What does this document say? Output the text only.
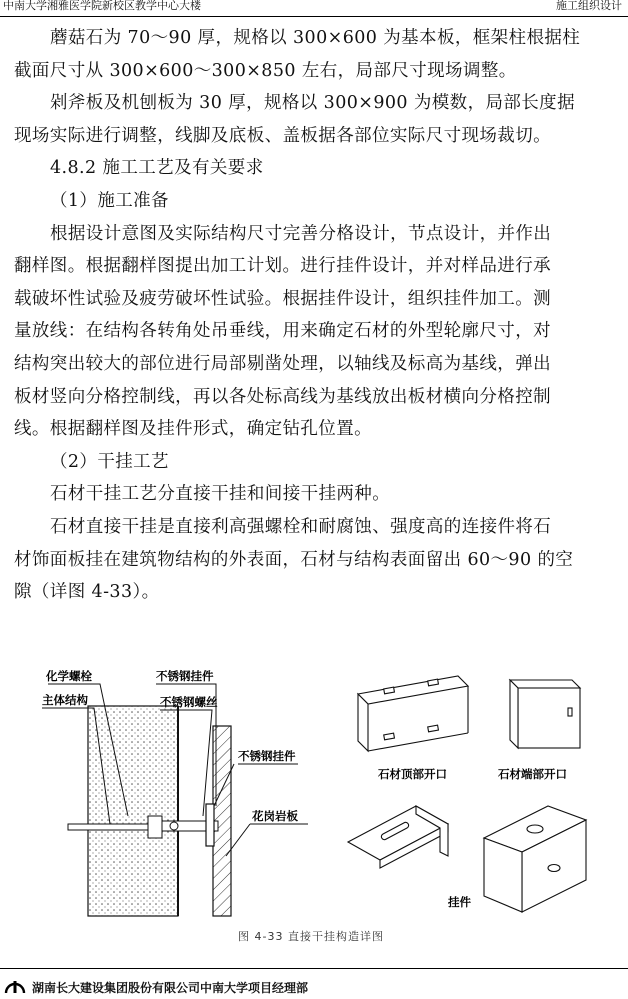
中南大学湘雅医学院新校区教学中心大楼	施工组织设计
蘑菇石为 70～90 厚，规格以 300×600 为基本板，框架柱根据柱
截面尺寸从 300×600～300×850 左右，局部尺寸现场调整。
剁斧板及机刨板为 30 厚，规格以 300×900 为模数，局部长度据
现场实际进行调整，线脚及底板、盖板据各部位实际尺寸现场裁切。
4.8.2 施工工艺及有关要求
（1）施工准备
根据设计意图及实际结构尺寸完善分格设计，节点设计，并作出
翻样图。根据翻样图提出加工计划。进行挂件设计，并对样品进行承
载破坏性试验及疲劳破坏性试验。根据挂件设计，组织挂件加工。测
量放线：在结构各转角处吊垂线，用来确定石材的外型轮廓尺寸，对
结构突出较大的部位进行局部剔凿处理，以轴线及标高为基线，弹出
板材竖向分格控制线，再以各处标高线为基线放出板材横向分格控制
线。根据翻样图及挂件形式，确定钻孔位置。
（2）干挂工艺
石材干挂工艺分直接干挂和间接干挂两种。
石材直接干挂是直接利高强螺栓和耐腐蚀、强度高的连接件将石
材饰面板挂在建筑物结构的外表面，石材与结构表面留出 60～90 的空
隙（详图 4-33）。
化学螺栓
主体结构
不锈钢挂件
不锈钢螺丝
不锈钢挂件
花岗岩板
石材顶部开口	石材端部开口
挂件
图 4-33 直接干挂构造详图
湖南长大建设集团股份有限公司中南大学项目经理部
